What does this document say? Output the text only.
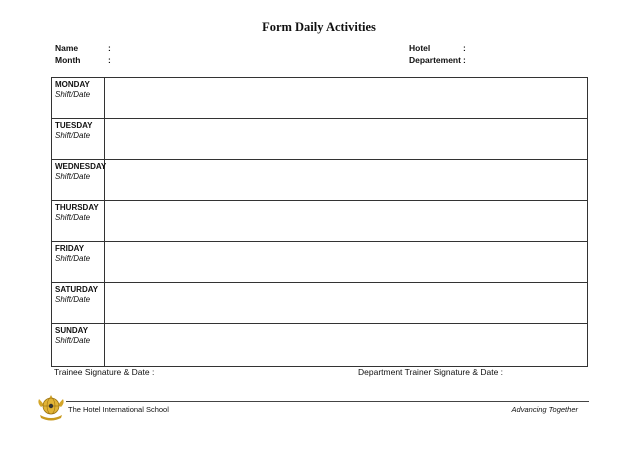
Form Daily Activities
Name	:
Month	:
Hotel	:
Departement :
MONDAY
Shift/Date
TUESDAY
Shift/Date
WEDNESDAY
Shift/Date
THURSDAY
Shift/Date
FRIDAY
Shift/Date
SATURDAY
Shift/Date
SUNDAY
Shift/Date
Trainee Signature & Date :	Department Trainer Signature & Date :
The Hotel International School	Advancing Together
